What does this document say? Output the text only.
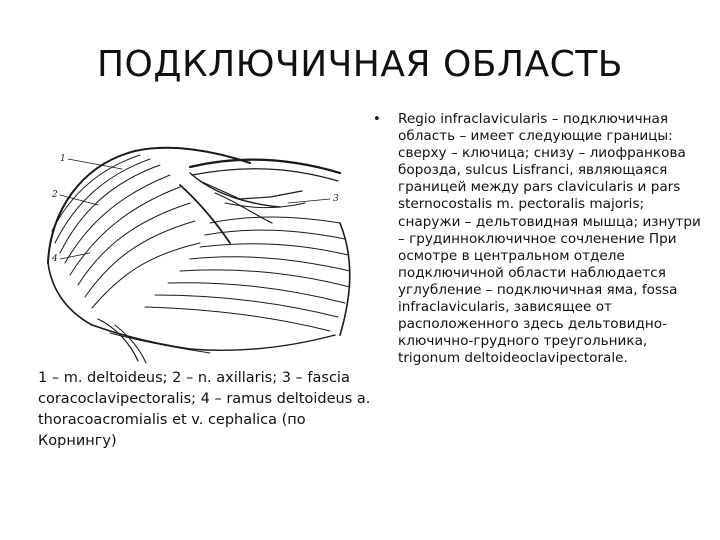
ПОДКЛЮЧИЧНАЯ ОБЛАСТЬ
1
2	3
4
1 – m. deltoideus; 2 – n. axillaris; 3 – fascia coracoclavipectoralis; 4 – ramus deltoideus a. thoracoacromialis et v. cephalica (по Корнингу)
• Regio infraclavicularis – подключичная область – имеет следующие границы: сверху – ключица; снизу – лиофранкова борозда, sulcus Lisfranci, являющаяся границей между pars clavicularis и pars sternocostalis m. pectoralis majoris; снаружи – дельтовидная мышца; изнутри – грудинноключичное сочленение При осмотре в центральном отделе подключичной области наблюдается углубление – подключичная яма, fossa infraclavicularis, зависящее от расположенного здесь дельтовидно-ключично-грудного треугольника, trigonum deltoideoclavipectorale.
